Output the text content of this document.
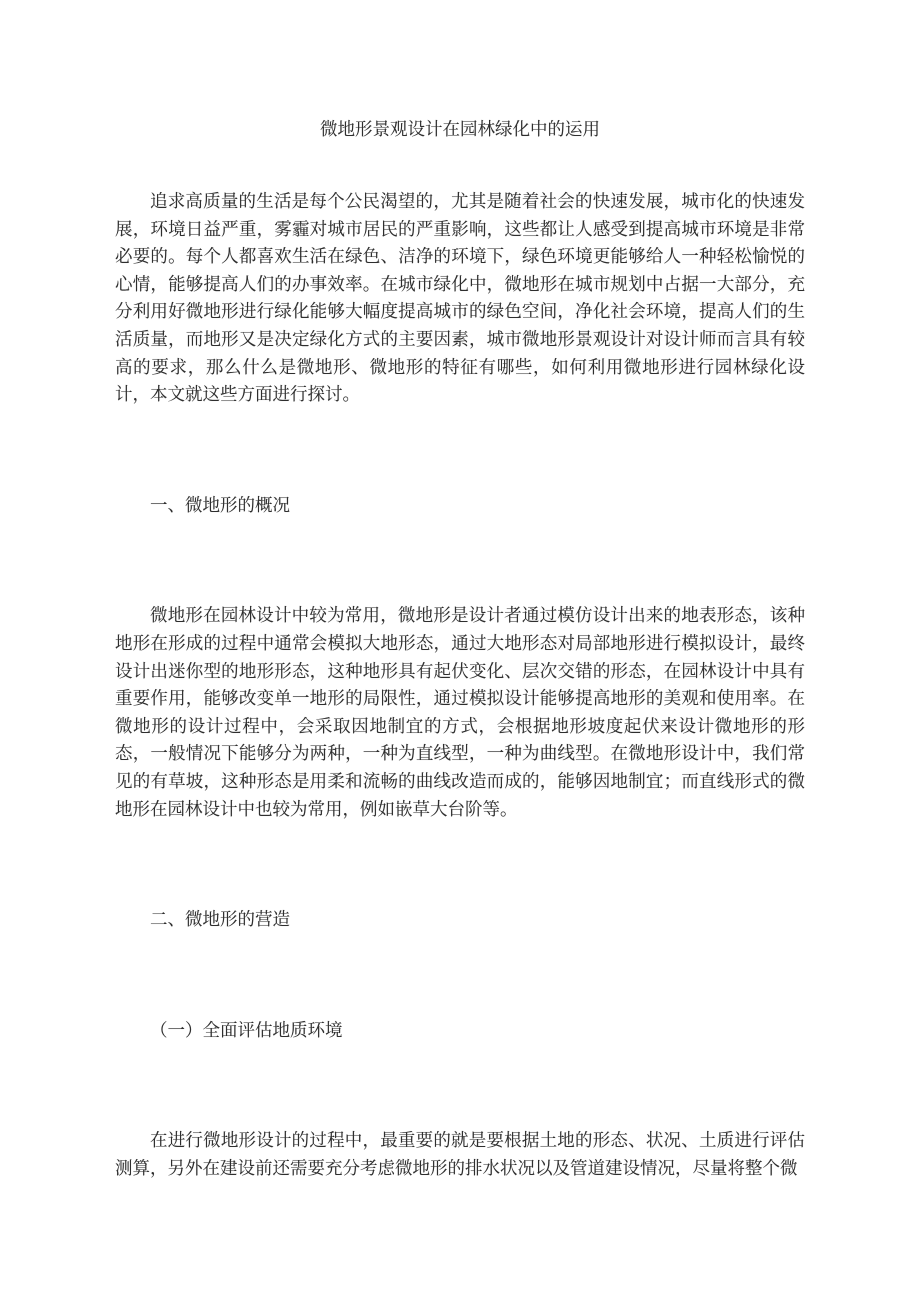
微地形景观设计在园林绿化中的运用

追求高质量的生活是每个公民渴望的，尤其是随着社会的快速发展，城市化的快速发展，环境日益严重，雾霾对城市居民的严重影响，这些都让人感受到提高城市环境是非常必要的。每个人都喜欢生活在绿色、洁净的环境下，绿色环境更能够给人一种轻松愉悦的心情，能够提高人们的办事效率。在城市绿化中，微地形在城市规划中占据一大部分，充分利用好微地形进行绿化能够大幅度提高城市的绿色空间，净化社会环境，提高人们的生活质量，而地形又是决定绿化方式的主要因素，城市微地形景观设计对设计师而言具有较高的要求，那么什么是微地形、微地形的特征有哪些，如何利用微地形进行园林绿化设计，本文就这些方面进行探讨。

一、微地形的概况

微地形在园林设计中较为常用，微地形是设计者通过模仿设计出来的地表形态，该种地形在形成的过程中通常会模拟大地形态，通过大地形态对局部地形进行模拟设计，最终设计出迷你型的地形形态，这种地形具有起伏变化、层次交错的形态，在园林设计中具有重要作用，能够改变单一地形的局限性，通过模拟设计能够提高地形的美观和使用率。在微地形的设计过程中，会采取因地制宜的方式，会根据地形坡度起伏来设计微地形的形态，一般情况下能够分为两种，一种为直线型，一种为曲线型。在微地形设计中，我们常见的有草坡，这种形态是用柔和流畅的曲线改造而成的，能够因地制宜；而直线形式的微地形在园林设计中也较为常用，例如嵌草大台阶等。

二、微地形的营造
（一）全面评估地质环境

在进行微地形设计的过程中，最重要的就是要根据土地的形态、状况、土质进行评估测算，另外在建设前还需要充分考虑微地形的排水状况以及管道建设情况，尽量将整个微
